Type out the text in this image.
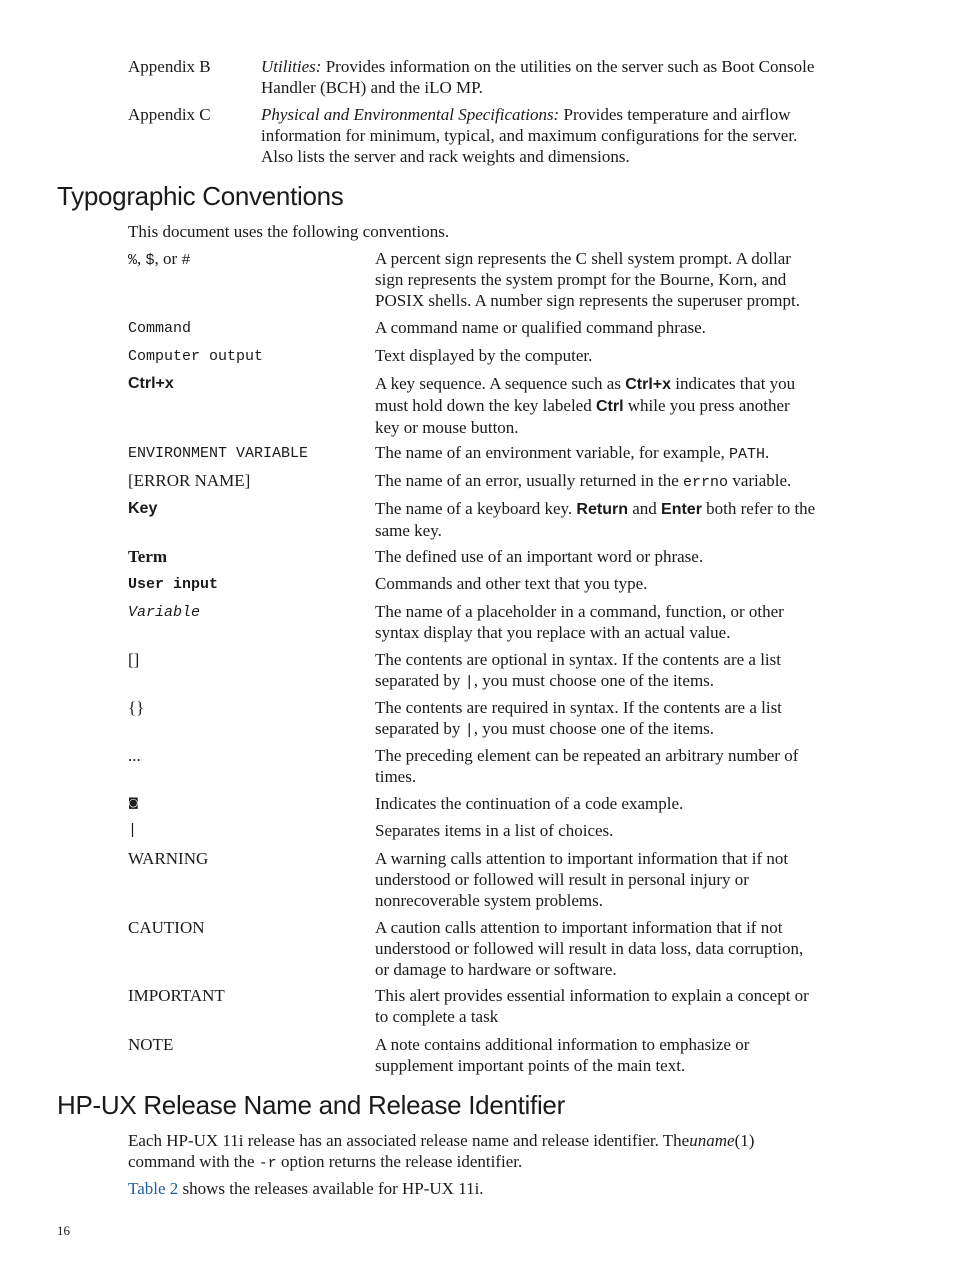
Appendix B	Utilities: Provides information on the utilities on the server such as Boot Console
Handler (BCH) and the iLO MP.
Appendix C	Physical and Environmental Specifications: Provides temperature and airflow
information for minimum, typical, and maximum configurations for the server.
Also lists the server and rack weights and dimensions.
Typographic Conventions
This document uses the following conventions.
%, $, or #	A percent sign represents the C shell system prompt. A dollar
sign represents the system prompt for the Bourne, Korn, and
POSIX shells. A number sign represents the superuser prompt.
Command	A command name or qualified command phrase.
Computer output	Text displayed by the computer.
Ctrl+x	A key sequence. A sequence such as Ctrl+x indicates that you
must hold down the key labeled Ctrl while you press another
key or mouse button.
ENVIRONMENT VARIABLE	The name of an environment variable, for example, PATH.
[ERROR NAME]	The name of an error, usually returned in the errno variable.
Key	The name of a keyboard key. Return and Enter both refer to the
same key.
Term	The defined use of an important word or phrase.
User input	Commands and other text that you type.
Variable	The name of a placeholder in a command, function, or other
syntax display that you replace with an actual value.
[]	The contents are optional in syntax. If the contents are a list
separated by |, you must choose one of the items.
{}	The contents are required in syntax. If the contents are a list
separated by |, you must choose one of the items.
...	The preceding element can be repeated an arbitrary number of
times.
◙	Indicates the continuation of a code example.
|	Separates items in a list of choices.
WARNING	A warning calls attention to important information that if not
understood or followed will result in personal injury or
nonrecoverable system problems.
CAUTION	A caution calls attention to important information that if not
understood or followed will result in data loss, data corruption,
or damage to hardware or software.
IMPORTANT	This alert provides essential information to explain a concept or
to complete a task
NOTE	A note contains additional information to emphasize or
supplement important points of the main text.
HP-UX Release Name and Release Identifier
Each HP-UX 11i release has an associated release name and release identifier. Theuname(1)
command with the -r option returns the release identifier.
Table 2 shows the releases available for HP-UX 11i.
16
